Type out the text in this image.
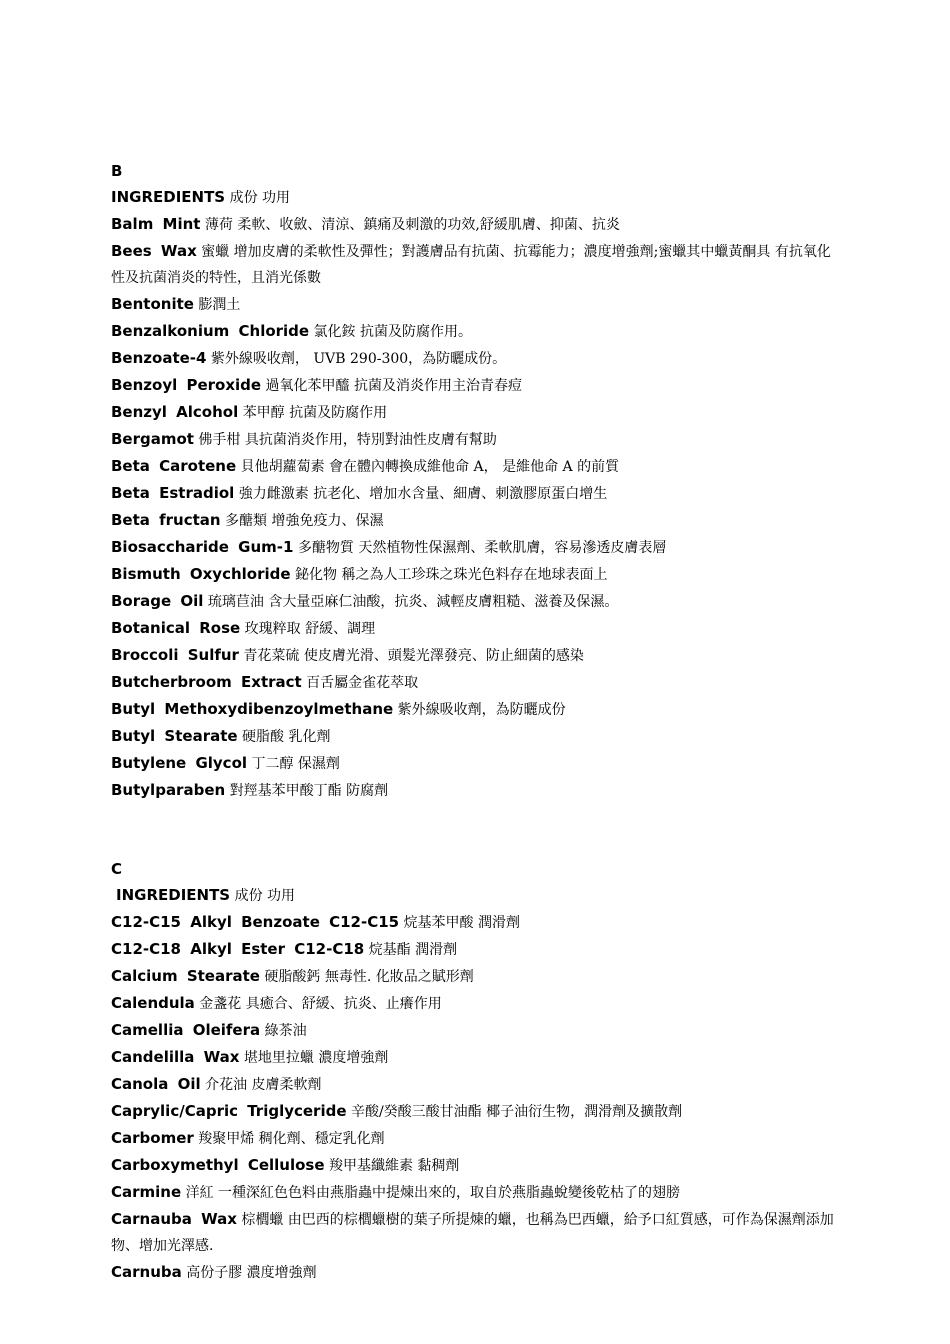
B
INGREDIENTS 成份 功用
Balm Mint 薄荷 柔軟、收斂、清涼、鎮痛及刺激的功效,舒緩肌膚、抑菌、抗炎
Bees Wax 蜜蠟 增加皮膚的柔軟性及彈性；對護膚品有抗菌、抗霉能力；濃度增強劑;蜜蠟其中蠟黃酮具 有抗氧化性及抗菌消炎的特性，且消光係數
Bentonite 膨潤土
Benzalkonium Chloride 氯化銨 抗菌及防腐作用。
Benzoate-4 紫外線吸收劑， UVB 290-300，為防曬成份。
Benzoyl Peroxide 過氧化苯甲醯 抗菌及消炎作用主治青春痘
Benzyl Alcohol 苯甲醇 抗菌及防腐作用
Bergamot 佛手柑 具抗菌消炎作用，特別對油性皮膚有幫助
Beta Carotene 貝他胡蘿蔔素 會在體內轉換成維他命 A， 是維他命 A 的前質
Beta Estradiol 強力雌激素 抗老化、增加水含量、細膚、刺激膠原蛋白增生
Beta fructan 多醣類 增強免疫力、保濕
Biosaccharide Gum-1 多醣物質 天然植物性保濕劑、柔軟肌膚，容易滲透皮膚表層
Bismuth Oxychloride 鉍化物 稱之為人工珍珠之珠光色料存在地球表面上
Borage Oil 琉璃苣油 含大量亞麻仁油酸，抗炎、減輕皮膚粗糙、滋養及保濕。
Botanical Rose 玫瑰粹取 舒緩、調理
Broccoli Sulfur 青花菜硫 使皮膚光滑、頭髮光澤發亮、防止細菌的感染
Butcherbroom Extract 百舌屬金雀花萃取
Butyl Methoxydibenzoylmethane 紫外線吸收劑，為防曬成份
Butyl Stearate 硬脂酸 乳化劑
Butylene Glycol 丁二醇 保濕劑
Butylparaben 對羥基苯甲酸丁酯 防腐劑
C
INGREDIENTS 成份 功用
C12-C15 Alkyl Benzoate C12-C15 烷基苯甲酸 潤滑劑
C12-C18 Alkyl Ester C12-C18 烷基酯 潤滑劑
Calcium Stearate 硬脂酸鈣 無毒性. 化妝品之賦形劑
Calendula 金盞花 具癒合、舒緩、抗炎、止癢作用
Camellia Oleifera 綠茶油
Candelilla Wax 堪地里拉蠟 濃度增強劑
Canola Oil 介花油 皮膚柔軟劑
Caprylic/Capric Triglyceride 辛酸/癸酸三酸甘油酯 椰子油衍生物，潤滑劑及擴散劑
Carbomer 羧聚甲烯 稠化劑、穩定乳化劑
Carboxymethyl Cellulose 羧甲基纖維素 黏稠劑
Carmine 洋紅 一種深紅色色料由燕脂蟲中提煉出來的，取自於燕脂蟲蛻變後乾枯了的翅膀
Carnauba Wax 棕櫚蠟 由巴西的棕櫚蠟樹的葉子所提煉的蠟，也稱為巴西蠟，給予口紅質感，可作為保濕劑添加物、增加光澤感.
Carnuba 高份子膠 濃度增強劑
